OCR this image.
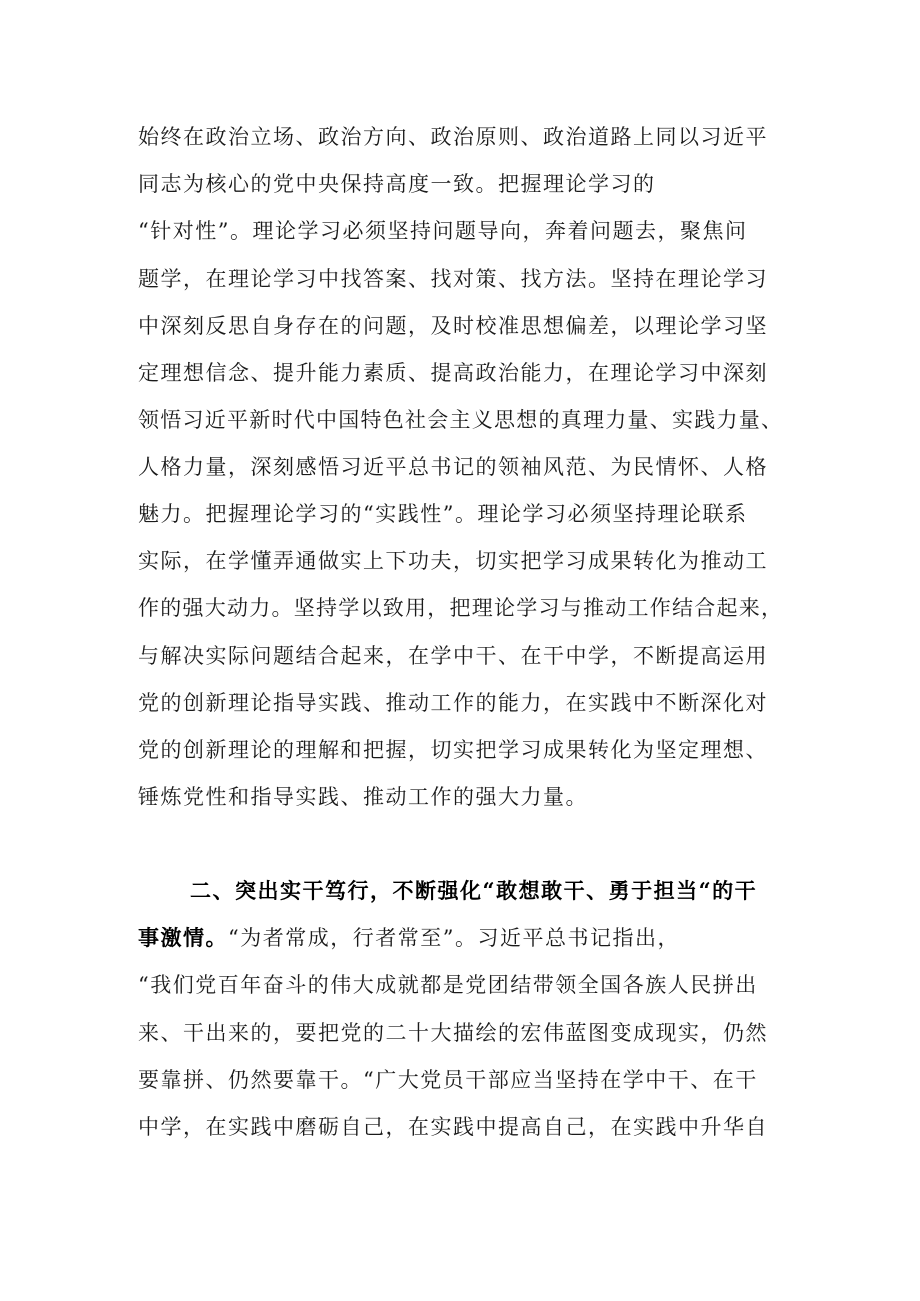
始终在政治立场、政治方向、政治原则、政治道路上同以习近平
同志为核心的党中央保持高度一致。把握理论学习的
“针对性”。理论学习必须坚持问题导向，奔着问题去，聚焦问
题学，在理论学习中找答案、找对策、找方法。坚持在理论学习
中深刻反思自身存在的问题，及时校准思想偏差，以理论学习坚
定理想信念、提升能力素质、提高政治能力，在理论学习中深刻
领悟习近平新时代中国特色社会主义思想的真理力量、实践力量、
人格力量，深刻感悟习近平总书记的领袖风范、为民情怀、人格
魅力。把握理论学习的“实践性”。理论学习必须坚持理论联系
实际，在学懂弄通做实上下功夫，切实把学习成果转化为推动工
作的强大动力。坚持学以致用，把理论学习与推动工作结合起来，
与解决实际问题结合起来，在学中干、在干中学，不断提高运用
党的创新理论指导实践、推动工作的能力，在实践中不断深化对
党的创新理论的理解和把握，切实把学习成果转化为坚定理想、
锤炼党性和指导实践、推动工作的强大力量。
二、突出实干笃行，不断强化“敢想敢干、勇于担当“的干
事激情。“为者常成，行者常至”。习近平总书记指出，
“我们党百年奋斗的伟大成就都是党团结带领全国各族人民拼出
来、干出来的，要把党的二十大描绘的宏伟蓝图变成现实，仍然
要靠拼、仍然要靠干。“广大党员干部应当坚持在学中干、在干
中学，在实践中磨砺自己，在实践中提高自己，在实践中升华自
